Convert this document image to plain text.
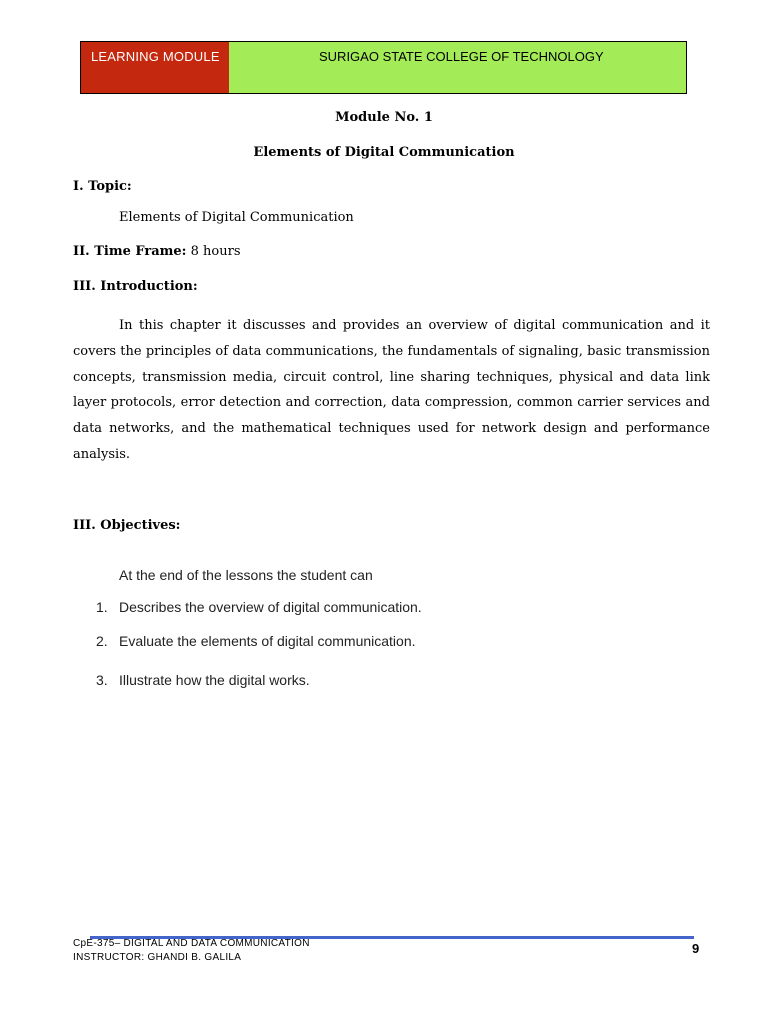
LEARNING MODULE	SURIGAO STATE COLLEGE OF TECHNOLOGY
Module No. 1
Elements of Digital Communication
I. Topic:
Elements of Digital Communication
II. Time Frame: 8 hours
III. Introduction:
In this chapter it discusses and provides an overview of digital communication and it covers the principles of data communications, the fundamentals of signaling, basic transmission concepts, transmission media, circuit control, line sharing techniques, physical and data link layer protocols, error detection and correction, data compression, common carrier services and data networks, and the mathematical techniques used for network design and performance analysis.
III. Objectives:
At the end of the lessons the student can
1. Describes the overview of digital communication.
2. Evaluate the elements of digital communication.
3. Illustrate how the digital works.
CpE-375– DIGITAL AND DATA COMMUNICATION
INSTRUCTOR: GHANDI B. GALILA
9
